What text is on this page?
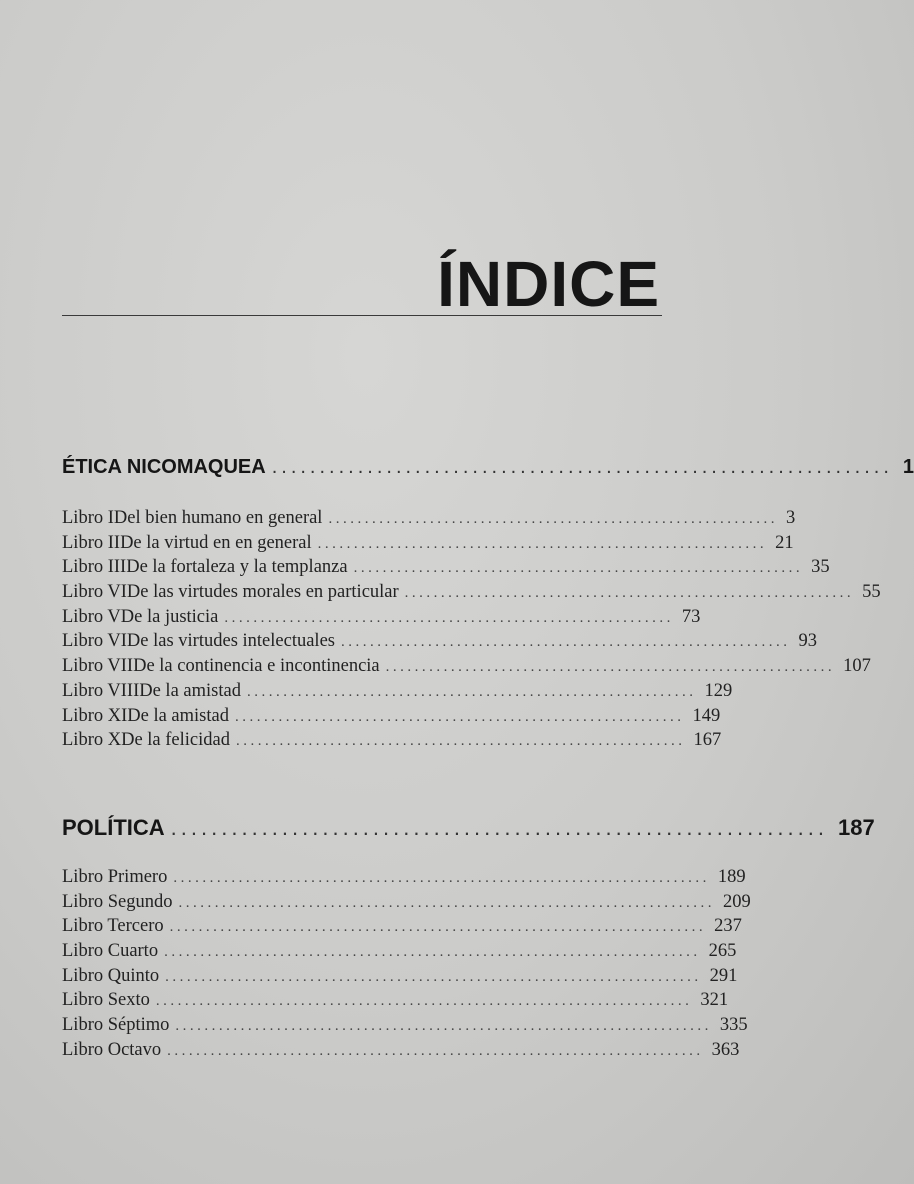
ÍNDICE
ÉTICA NICOMAQUEA ................................................................. 1
Libro I Del bien humano en general .............................................................. 3
Libro II De la virtud en en general .............................................................. 21
Libro III De la fortaleza y la templanza .............................................................. 35
Libro VI De las virtudes morales en particular .............................................................. 55
Libro V De la justicia .............................................................. 73
Libro VI De las virtudes intelectuales .............................................................. 93
Libro VII De la continencia e incontinencia .............................................................. 107
Libro VIII De la amistad .............................................................. 129
Libro XI De la amistad .............................................................. 149
Libro X De la felicidad .............................................................. 167
POLÍTICA ................................................................. 187
Libro Primero .......................................................................... 189
Libro Segundo .......................................................................... 209
Libro Tercero .......................................................................... 237
Libro Cuarto .......................................................................... 265
Libro Quinto .......................................................................... 291
Libro Sexto .......................................................................... 321
Libro Séptimo .......................................................................... 335
Libro Octavo .......................................................................... 363
